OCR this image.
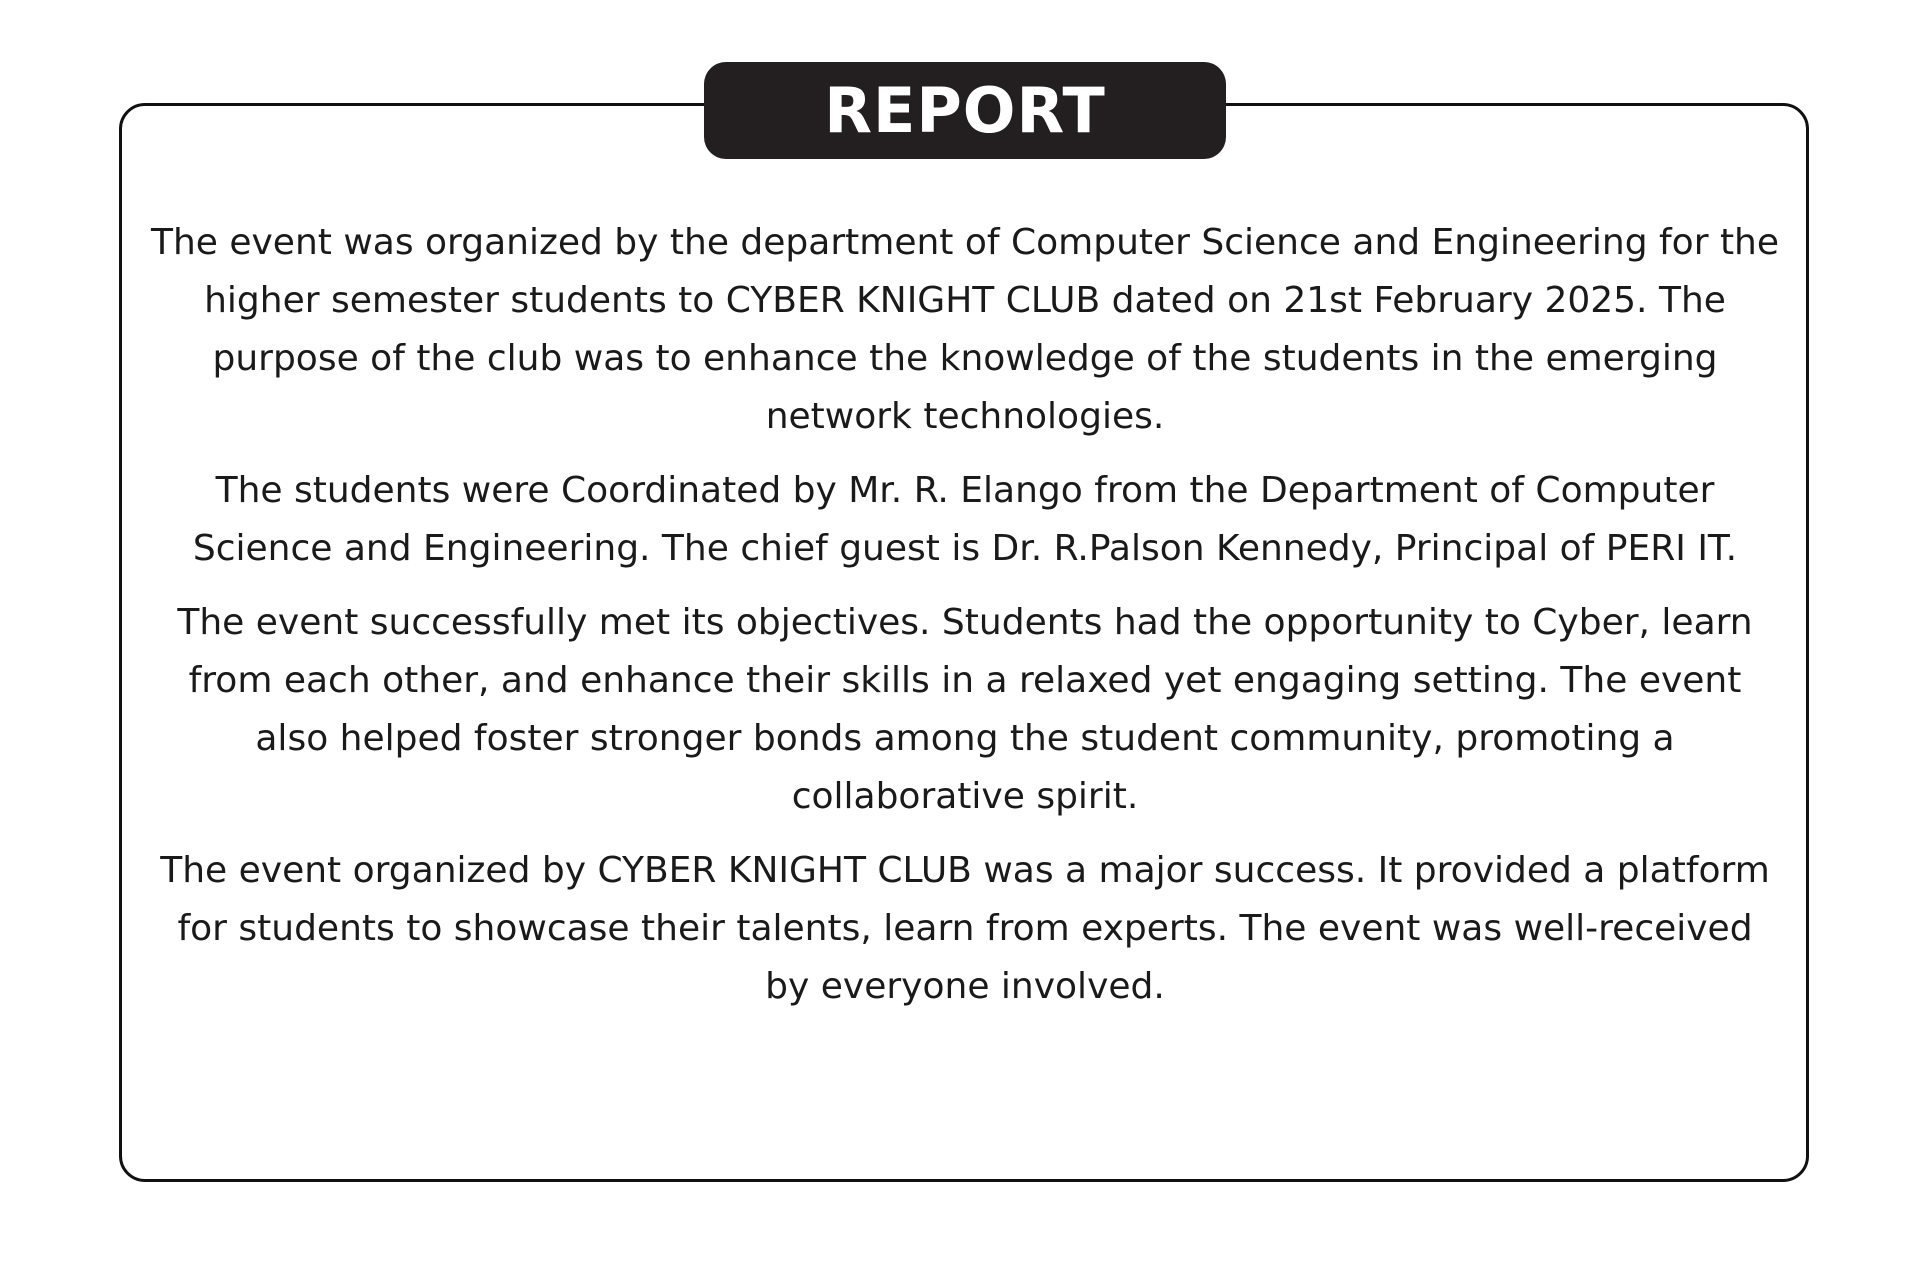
REPORT

The event was organized by the department of Computer Science and Engineering for the higher semester students to CYBER KNIGHT CLUB dated on 21st February 2025. The purpose of the club was to enhance the knowledge of the students in the emerging network technologies.

The students were Coordinated by Mr. R. Elango from the Department of Computer Science and Engineering. The chief guest is Dr. R.Palson Kennedy, Principal of PERI IT.

The event successfully met its objectives. Students had the opportunity to Cyber, learn from each other, and enhance their skills in a relaxed yet engaging setting. The event also helped foster stronger bonds among the student community, promoting a collaborative spirit.

The event organized by CYBER KNIGHT CLUB was a major success. It provided a platform for students to showcase their talents, learn from experts. The event was well-received by everyone involved.
